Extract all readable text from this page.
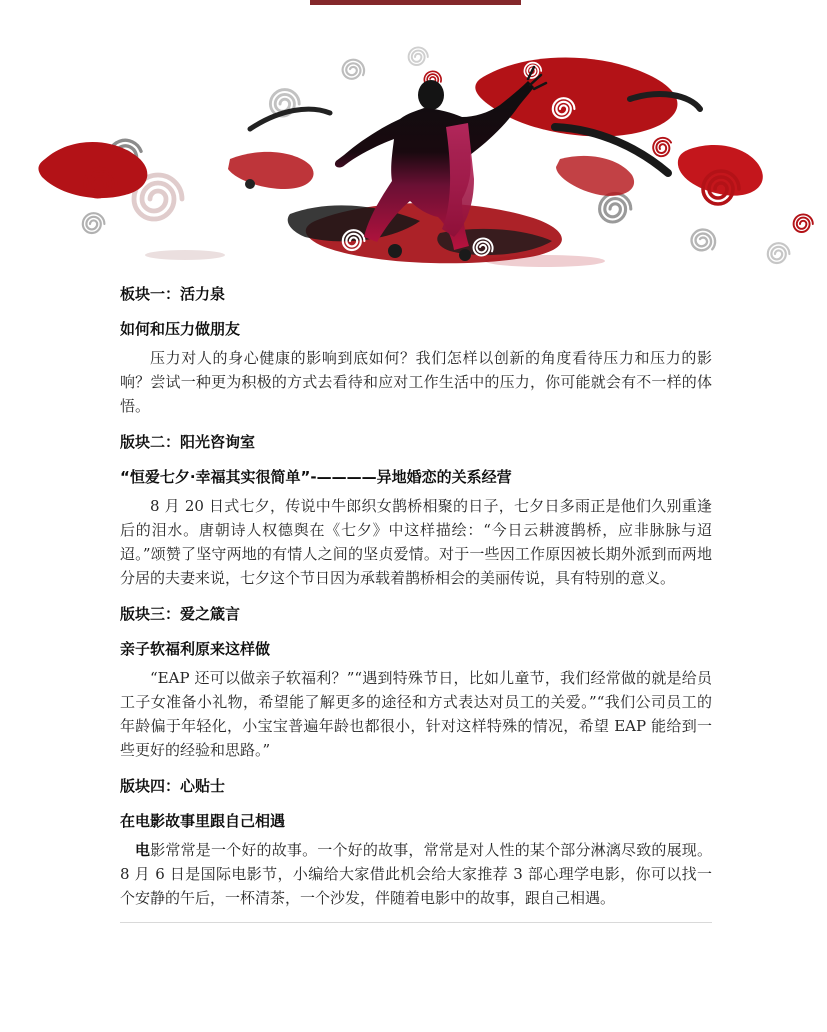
板块一：活力泉
如何和压力做朋友

压力对人的身心健康的影响到底如何？我们怎样以创新的角度看待压力和压力的影响？尝试一种更为积极的方式去看待和应对工作生活中的压力，你可能就会有不一样的体悟。

版块二：阳光咨询室
“恒爱七夕·幸福其实很简单”-————异地婚恋的关系经营

8 月 20 日式七夕，传说中牛郎织女鹊桥相聚的日子，七夕日多雨正是他们久别重逢后的泪水。唐朝诗人权德舆在《七夕》中这样描绘：“今日云耕渡鹊桥，应非脉脉与迢迢。”颂赞了坚守两地的有情人之间的坚贞爱情。对于一些因工作原因被长期外派到而两地分居的夫妻来说，七夕这个节日因为承载着鹊桥相会的美丽传说，具有特别的意义。

版块三：爱之箴言
亲子软福利原来这样做

“EAP 还可以做亲子软福利？”“遇到特殊节日，比如儿童节，我们经常做的就是给员工子女准备小礼物，希望能了解更多的途径和方式表达对员工的关爱。”“我们公司员工的年龄偏于年轻化，小宝宝普遍年龄也都很小，针对这样特殊的情况，希望 EAP 能给到一些更好的经验和思路。”

版块四：心贴士
在电影故事里跟自己相遇

电影常常是一个好的故事。一个好的故事，常常是对人性的某个部分淋漓尽致的展现。8 月 6 日是国际电影节，小编给大家借此机会给大家推荐 3 部心理学电影，你可以找一个安静的午后，一杯清茶，一个沙发，伴随着电影中的故事，跟自己相遇。
